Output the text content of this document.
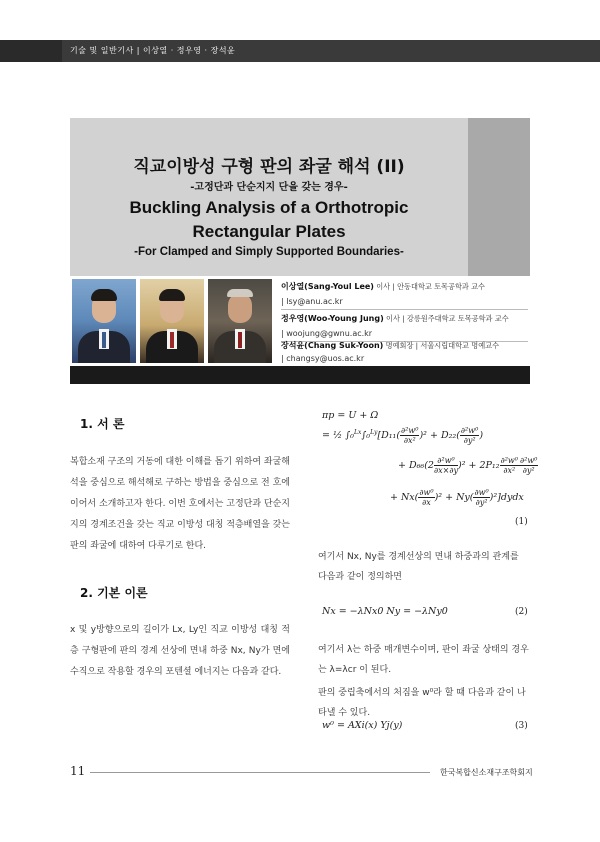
기술 및 일반기사 | 이상열 · 정우영 · 장석윤
직교이방성 구형 판의 좌굴 해석 (II)
-고정단과 단순지지 단을 갖는 경우-
Buckling Analysis of a Orthotropic
Rectangular Plates
-For Clamped and Simply Supported Boundaries-
이상열(Sang-Youl Lee) 이사 | 안동대학교 토목공학과 교수
| lsy@anu.ac.kr
정우영(Woo-Young Jung) 이사 | 강릉원주대학교 토목공학과 교수
| woojung@gwnu.ac.kr
장석윤(Chang Suk-Yoon) 명예회장 | 서울시립대학교 명예교수
| changsy@uos.ac.kr
1. 서 론
복합소재 구조의 거동에 대한 이해를 돕기 위하여 좌굴해석을 중심으로 해석해로 구하는 방법을 중심으로 전 호에 이어서 소개하고자 한다. 이번 호에서는 고정단과 단순지지의 경계조건을 갖는 직교 이방성 대칭 적층배열을 갖는 판의 좌굴에 대하여 다루기로 한다.
2. 기본 이론
x 및 y방향으로의 길이가 Lx, Ly인 직교 이방성 대칭 적층 구형판에 판의 경계 선상에 면내 하중 Nx, Ny가 면에 수직으로 작용할 경우의 포텐셜 에너지는 다음과 같다.
πp = U + Ω
= ½ $\int_0^{Lx}\int_0^{Ly}[D_{11}( \frac{\text{∂²w⁰}}{\text{∂x²}} )^2 + D_{22}( \frac{\text{∂²w⁰}}{\text{∂y²}}$ )
+ $D_{66}(2 \frac{\text{∂²w⁰}}{\partial x\times\partial y} )^2 + 2P_{12} \frac{\text{∂²w⁰}}{\text{∂x²}} \frac{\text{∂²w⁰}}{\text{∂y²}}$
+ $Nx( \frac{\text{∂w⁰}}{\partial x} )^2 + Ny( \frac{\text{∂w⁰}}{\text{∂y²}}$ )²]dydx
(1)
여기서 Nx, Ny를 경계선상의 면내 하중과의 관계를 다음과 같이 정의하면
Nx = −λNx0 Ny = −λNy0	(2)
여기서 λ는 하중 매개변수이며, 판이 좌굴 상태의 경우는 λ=λcr 이 된다.
판의 중립축에서의 처짐을 w⁰라 할 때 다음과 같이 나타낼 수 있다.
w⁰ = AXi(x) Yj(y)	(3)
11	한국복합신소재구조학회지
